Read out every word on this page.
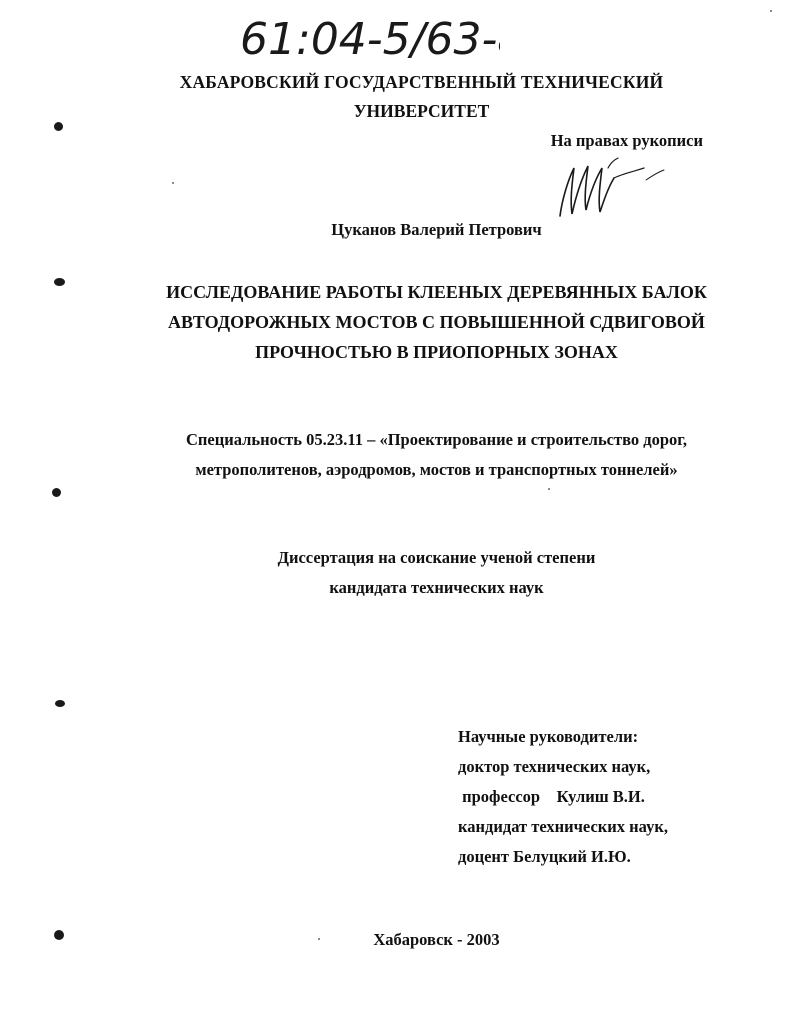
61:04-5/63-8
ХАБАРОВСКИЙ ГОСУДАРСТВЕННЫЙ ТЕХНИЧЕСКИЙ
УНИВЕРСИТЕТ
На правах рукописи
Цуканов Валерий Петрович
ИССЛЕДОВАНИЕ РАБОТЫ КЛЕЕНЫХ ДЕРЕВЯННЫХ БАЛОК
АВТОДОРОЖНЫХ МОСТОВ С ПОВЫШЕННОЙ СДВИГОВОЙ
ПРОЧНОСТЬЮ В ПРИОПОРНЫХ ЗОНАХ
Специальность 05.23.11 – «Проектирование и строительство дорог,
метрополитенов, аэродромов, мостов и транспортных тоннелей»
Диссертация на соискание ученой степени
кандидата технических наук
Научные руководители:
доктор технических наук,
профессор    Кулиш В.И.
кандидат технических наук,
доцент Белуцкий И.Ю.
Хабаровск - 2003
